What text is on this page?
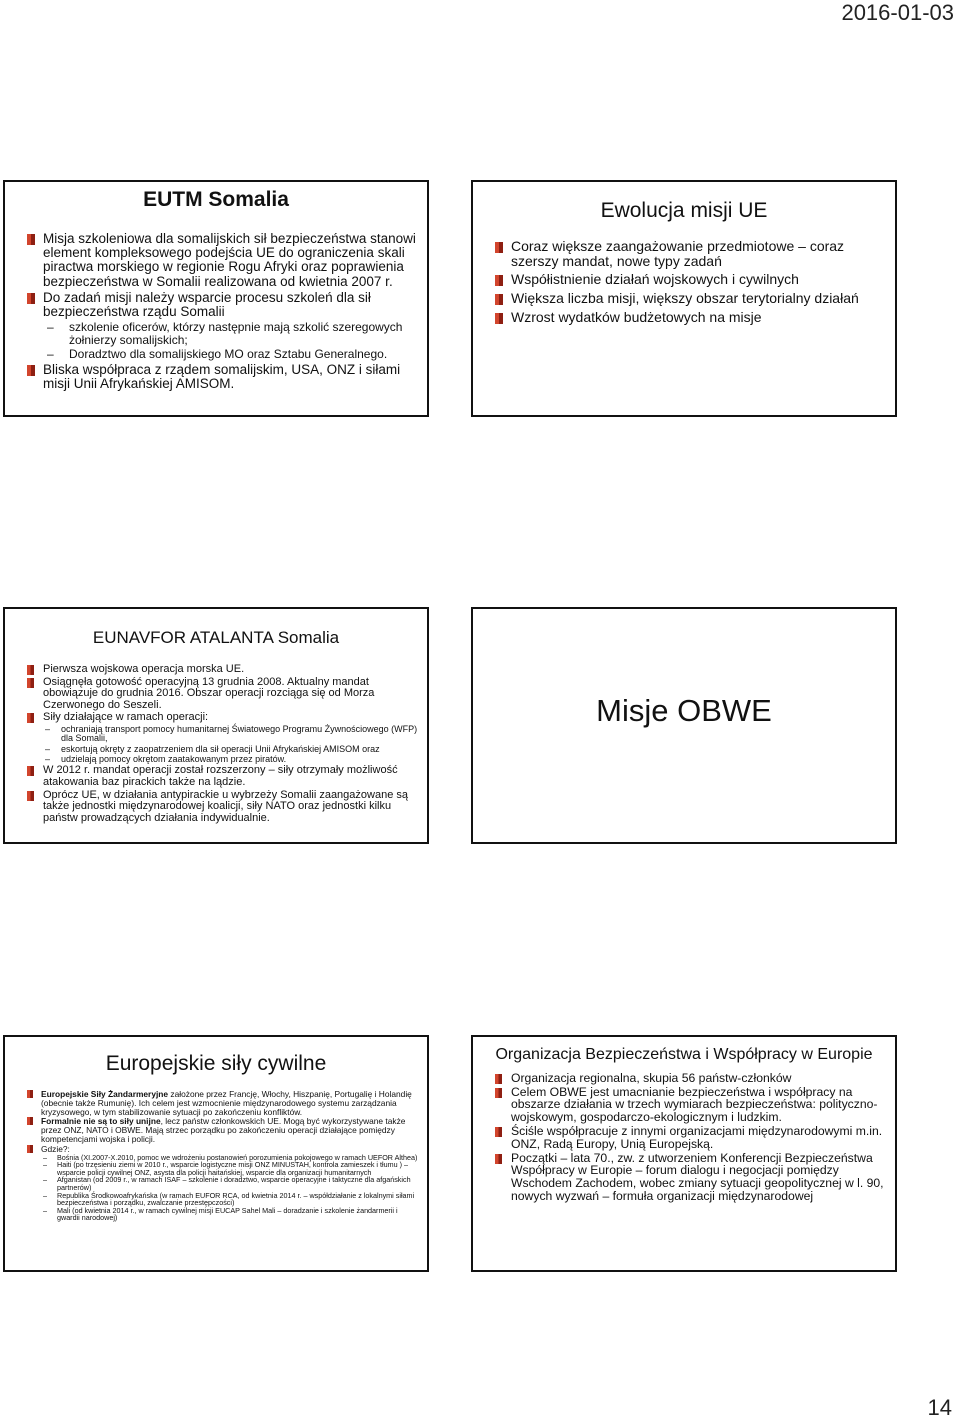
2016-01-03
EUTM Somalia
Misja szkoleniowa dla somalijskich sił bezpieczeństwa stanowi element kompleksowego podejścia UE do ograniczenia skali piractwa morskiego w regionie Rogu Afryki oraz poprawienia bezpieczeństwa w Somalii realizowana od kwietnia 2007 r.
Do zadań misji należy wsparcie procesu szkoleń dla sił bezpieczeństwa rządu Somalii
– szkolenie oficerów, którzy następnie mają szkolić szeregowych żołnierzy somalijskich;
– Doradztwo dla somalijskiego MO oraz Sztabu Generalnego.
Bliska współpraca z rządem somalijskim, USA, ONZ i siłami misji Unii Afrykańskiej AMISOM.
Ewolucja misji UE
Coraz większe zaangażowanie przedmiotowe – coraz szerszy mandat, nowe typy zadań
Współistnienie działań wojskowych i cywilnych
Większa liczba misji, większy obszar terytorialny działań
Wzrost wydatków budżetowych na misje
EUNAVFOR ATALANTA Somalia
Pierwsza wojskowa operacja morska UE.
Osiągnęła gotowość operacyjną 13 grudnia 2008. Aktualny mandat obowiązuje do grudnia 2016. Obszar operacji rozciąga się od Morza Czerwonego do Seszeli.
Siły działające w ramach operacji:
– ochraniają transport pomocy humanitarnej Światowego Programu Żywnościowego (WFP) dla Somalii,
– eskortują okręty z zaopatrzeniem dla sił operacji Unii Afrykańskiej AMISOM oraz
– udzielają pomocy okrętom zaatakowanym przez piratów.
W 2012 r. mandat operacji został rozszerzony – siły otrzymały możliwość atakowania baz pirackich także na lądzie.
Oprócz UE, w działania antypirackie u wybrzeży Somalii zaangażowane są także jednostki międzynarodowej koalicji, siły NATO oraz jednostki kilku państw prowadzących działania indywidualnie.
Misje OBWE
Europejskie siły cywilne
Europejskie Siły Żandarmeryjne założone przez Francję, Włochy, Hiszpanię, Portugalię i Holandię (obecnie także Rumunię). Ich celem jest wzmocnienie międzynarodowego systemu zarządzania kryzysowego, w tym stabilizowanie sytuacji po zakończeniu konfliktów.
Formalnie nie są to siły unijne, lecz państw członkowskich UE. Mogą być wykorzystywane także przez ONZ, NATO i OBWE. Mają strzec porządku po zakończeniu operacji działające pomiędzy kompetencjami wojska i policji.
Gdzie?:
– Bośnia (XI.2007-X.2010, pomoc we wdrożeniu postanowień porozumienia pokojowego w ramach UEFOR Althea)
– Haiti (po trzęsieniu ziemi w 2010 r., wsparcie logistyczne misji ONZ MINUSTAH, kontrola zamieszek i tłumu ) – wsparcie policji cywilnej ONZ, asysta dla policji haitańskiej, wsparcie dla organizacji humanitarnych
– Afganistan (od 2009 r., w ramach ISAF – szkolenie i doradztwo, wsparcie operacyjne i taktyczne dla afgańskich partnerów)
– Republika Środkowoafrykańska (w ramach EUFOR RCA, od kwietnia 2014 r. – współdziałanie z lokalnymi siłami bezpieczeństwa i porządku, zwalczanie przestępczości)
– Mali (od kwietnia 2014 r., w ramach cywilnej misji EUCAP Sahel Mali – doradzanie i szkolenie żandarmerii i gwardii narodowej)
Organizacja Bezpieczeństwa i Współpracy w Europie
Organizacja regionalna, skupia 56 państw-członków
Celem OBWE jest umacnianie bezpieczeństwa i współpracy na obszarze działania w trzech wymiarach bezpieczeństwa: polityczno-wojskowym, gospodarczo-ekologicznym i ludzkim.
Ściśle współpracuje z innymi organizacjami międzynarodowymi m.in. ONZ, Radą Europy, Unią Europejską.
Początki – lata 70., zw. z utworzeniem Konferencji Bezpieczeństwa Współpracy w Europie – forum dialogu i negocjacji pomiędzy Wschodem Zachodem, wobec zmiany sytuacji geopolitycznej w l. 90, nowych wyzwań – formuła organizacji międzynarodowej
14
